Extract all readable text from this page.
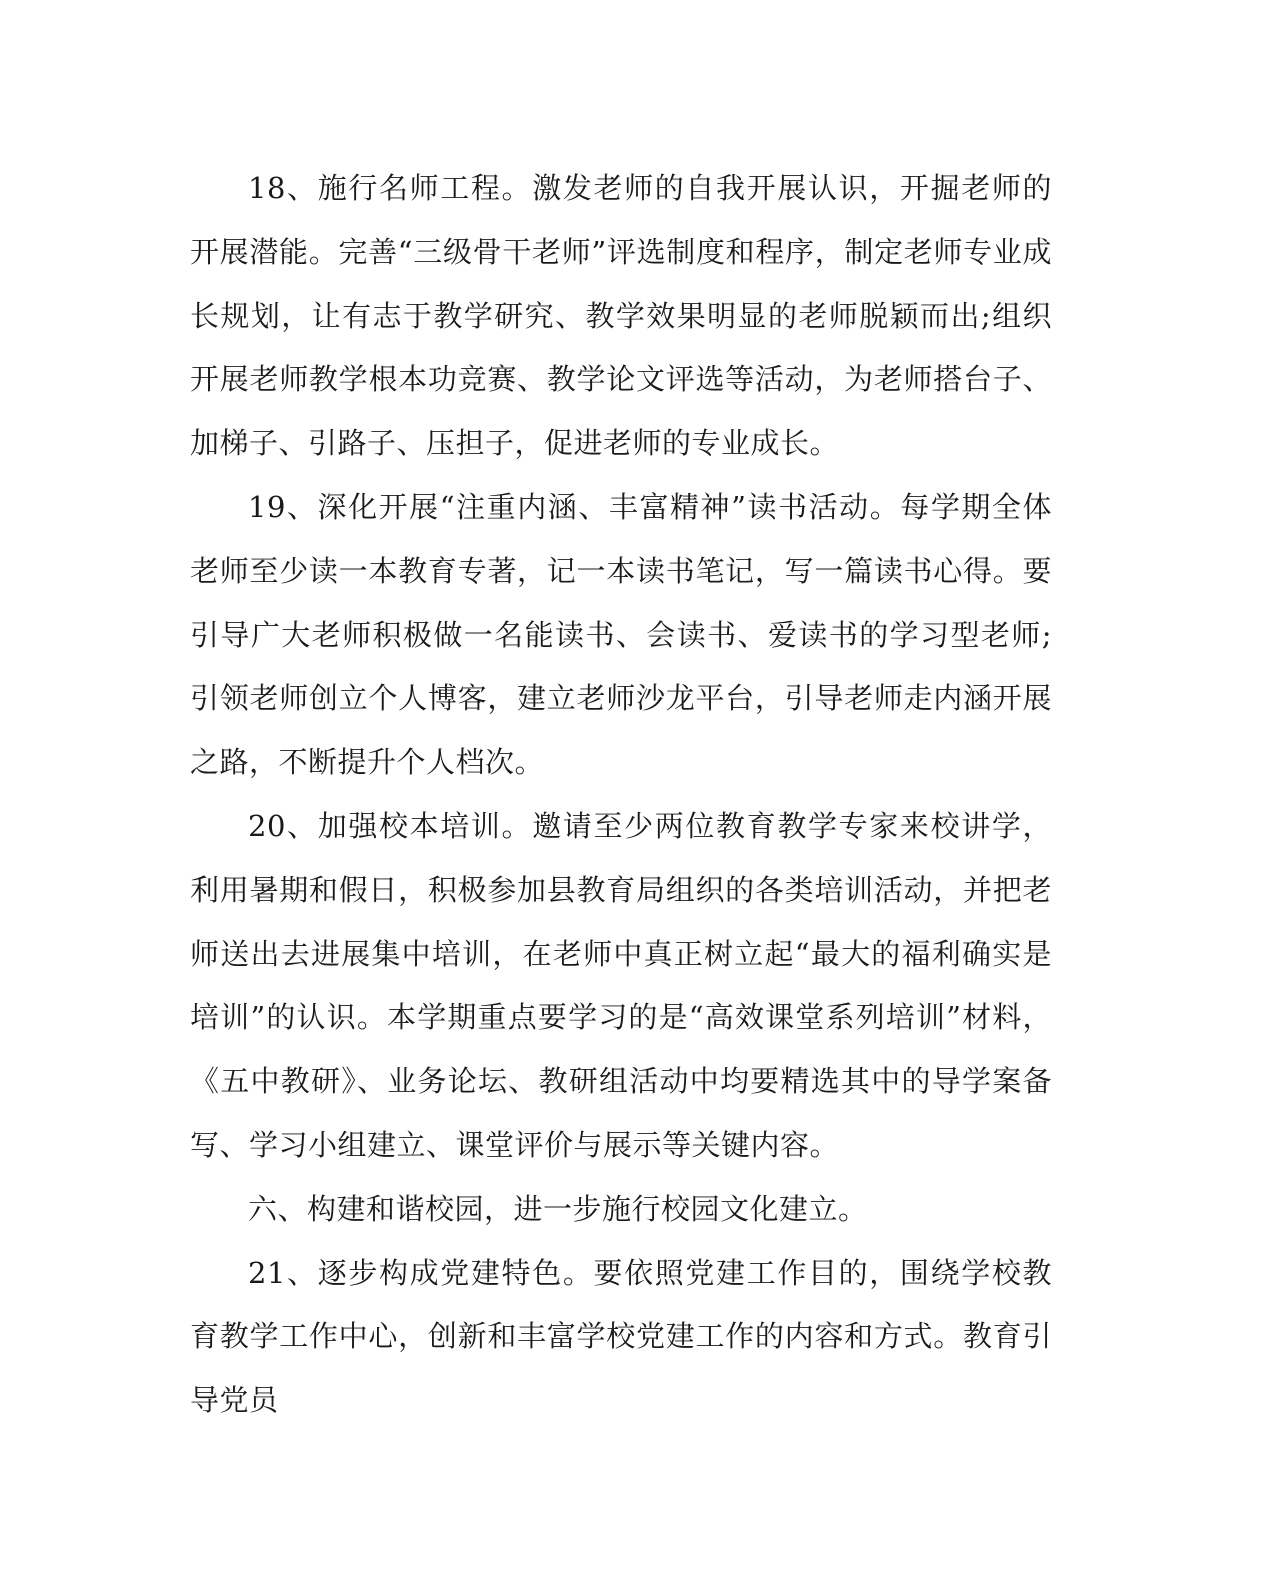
18、施行名师工程。激发老师的自我开展认识，开掘老师的开展潜能。完善“三级骨干老师”评选制度和程序，制定老师专业成长规划，让有志于教学研究、教学效果明显的老师脱颖而出;组织开展老师教学根本功竞赛、教学论文评选等活动，为老师搭台子、加梯子、引路子、压担子，促进老师的专业成长。

19、深化开展“注重内涵、丰富精神”读书活动。每学期全体老师至少读一本教育专著，记一本读书笔记，写一篇读书心得。要引导广大老师积极做一名能读书、会读书、爱读书的学习型老师;引领老师创立个人博客，建立老师沙龙平台，引导老师走内涵开展之路，不断提升个人档次。

20、加强校本培训。邀请至少两位教育教学专家来校讲学，利用暑期和假日，积极参加县教育局组织的各类培训活动，并把老师送出去进展集中培训，在老师中真正树立起“最大的福利确实是培训”的认识。本学期重点要学习的是“高效课堂系列培训”材料，《五中教研》、业务论坛、教研组活动中均要精选其中的导学案备写、学习小组建立、课堂评价与展示等关键内容。

六、构建和谐校园，进一步施行校园文化建立。

21、逐步构成党建特色。要依照党建工作目的，围绕学校教育教学工作中心，创新和丰富学校党建工作的内容和方式。教育引导党员
